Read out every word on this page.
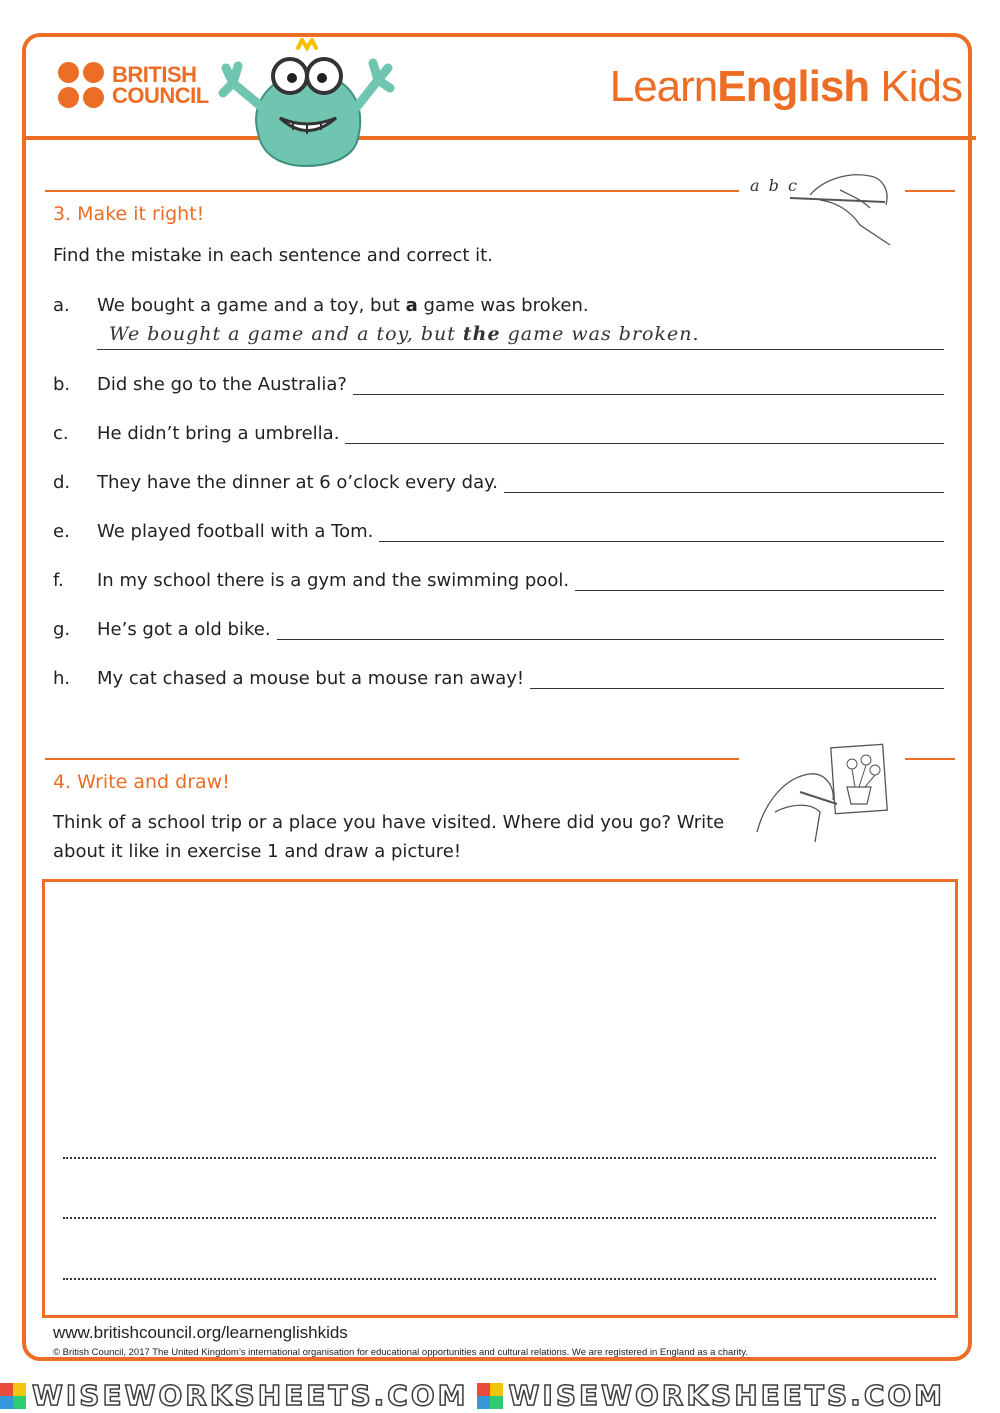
BRITISH
COUNCIL	LearnEnglish Kids
a b c
3. Make it right!
Find the mistake in each sentence and correct it.
a.	We bought a game and a toy, but a game was broken.
We bought a game and a toy, but the game was broken.
b.	Did she go to the Australia?
c.	He didn’t bring a umbrella.
d.	They have the dinner at 6 o’clock every day.
e.	We played football with a Tom.
f.	In my school there is a gym and the swimming pool.
g.	He’s got a old bike.
h.	My cat chased a mouse but a mouse ran away!
4. Write and draw!
Think of a school trip or a place you have visited. Where did you go? Write
about it like in exercise 1 and draw a picture!
www.britishcouncil.org/learnenglishkids
© British Council, 2017 The United Kingdom’s international organisation for educational opportunities and cultural relations. We are registered in England as a charity.
WISEWORKSHEETS.COM WISEWORKSHEETS.COM
